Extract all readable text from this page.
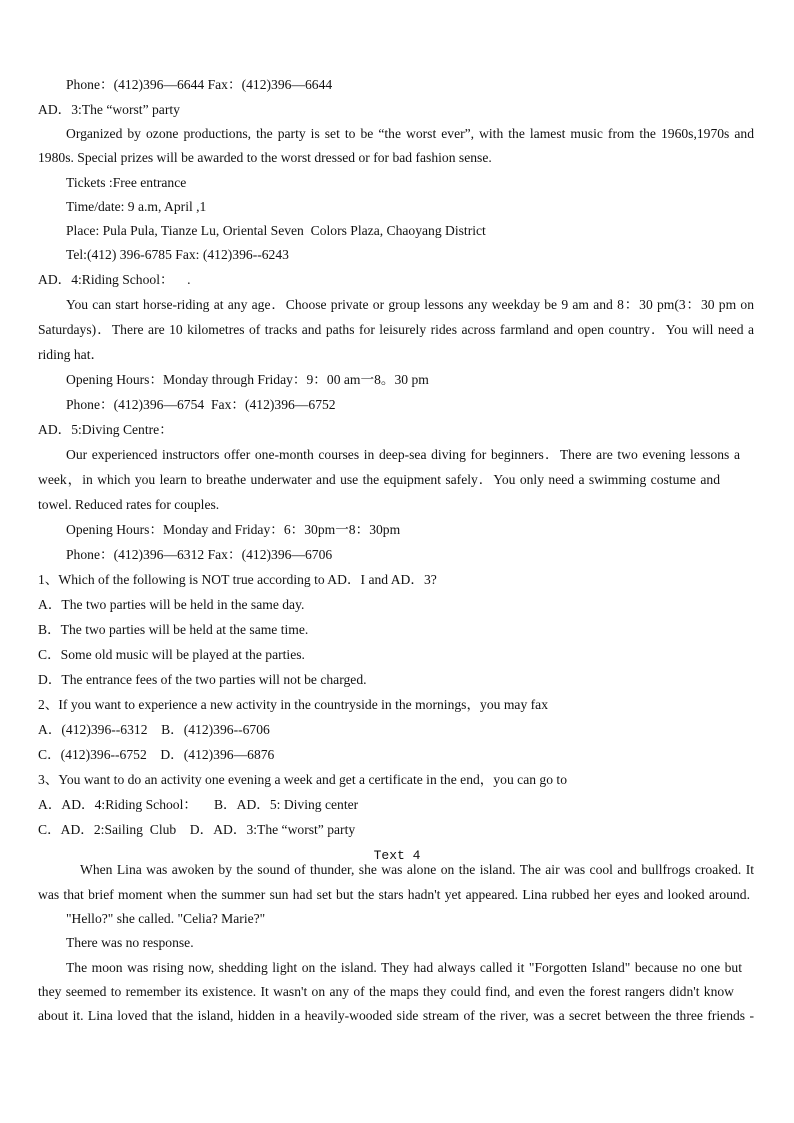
Phone：(412)396—6644 Fax：(412)396—6644
AD．3:The “worst” party
Organized by ozone productions, the party is set to be “the worst ever”, with the lamest music from the 1960s,1970s and
1980s. Special prizes will be awarded to the worst dressed or for bad fashion sense.
Tickets :Free entrance
Time/date: 9 a.m, April ,1
Place: Pula Pula, Tianze Lu, Oriental Seven  Colors Plaza, Chaoyang District
Tel:(412) 396-6785 Fax: (412)396--6243
AD．4:Riding School：    .
You can start horse-riding at any age．Choose private or group lessons any weekday be 9 am and 8：30 pm(3：30 pm on
Saturdays)．There are 10 kilometres of tracks and paths for leisurely rides across farmland and open country．You will need a
riding hat．
Opening Hours：Monday through Friday：9：00 am一8。30 pm
Phone：(412)396—6754  Fax：(412)396—6752
AD．5:Diving Centre：
Our experienced instructors offer one-month courses in deep-sea diving for beginners．There are two evening lessons a
week，in which you learn to breathe underwater and use the equipment safely．You only need a swimming costume and
towel. Reduced rates for couples.
Opening Hours：Monday and Friday：6：30pm一8：30pm
Phone：(412)396—6312 Fax：(412)396—6706
1、Which of the following is NOT true according to AD．I and AD．3?
A．The two parties will be held in the same day.
B．The two parties will be held at the same time.
C．Some old music will be played at the parties.
D．The entrance fees of the two parties will not be charged.
2、If you want to experience a new activity in the countryside in the mornings，you may fax
A．(412)396--6312    B．(412)396--6706
C．(412)396--6752    D．(412)396—6876
3、You want to do an activity one evening a week and get a certificate in the end，you can go to
A．AD．4:Riding School：     B．AD．5: Diving center
C．AD．2:Sailing  Club    D．AD．3:The “worst” party
Text 4
When Lina was awoken by the sound of thunder, she was alone on the island. The air was cool and bullfrogs croaked. It
was that brief moment when the summer sun had set but the stars hadn't yet appeared. Lina rubbed her eyes and looked around.
"Hello?" she called. "Celia? Marie?"
There was no response.
The moon was rising now, shedding light on the island. They had always called it "Forgotten Island" because no one but
they seemed to remember its existence. It wasn't on any of the maps they could find, and even the forest rangers didn't know
about it. Lina loved that the island, hidden in a heavily-wooded side stream of the river, was a secret between the three friends -
